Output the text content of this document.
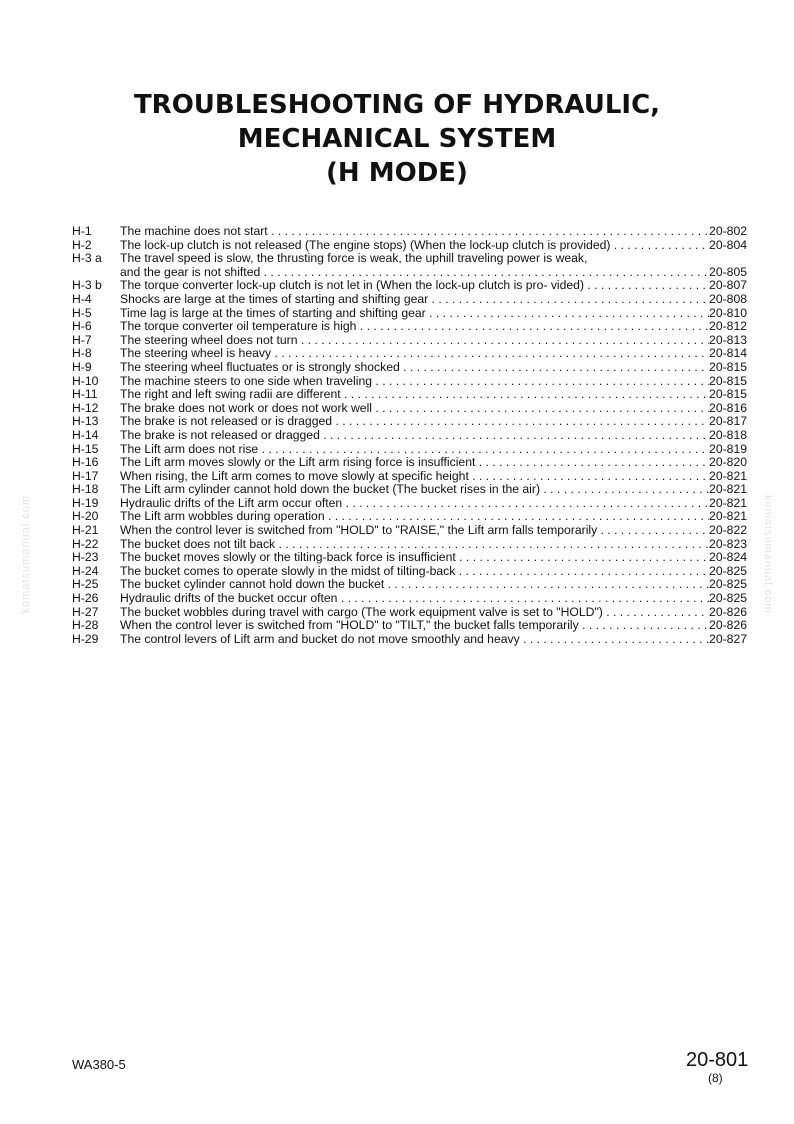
TROUBLESHOOTING OF HYDRAULIC,
MECHANICAL SYSTEM
(H MODE)
H-1	The machine does not start . . .	20-802
H-2	The lock-up clutch is not released (The engine stops) (When the lock-up clutch is provided) . . .	20-804
H-3 a	The travel speed is slow, the thrusting force is weak, the uphill traveling power is weak,
and the gear is not shifted . . .	20-805
H-3 b	The torque converter lock-up clutch is not let in (When the lock-up clutch is pro- vided) . . .	20-807
H-4	Shocks are large at the times of starting and shifting gear . . .	20-808
H-5	Time lag is large at the times of starting and shifting gear . . .	20-810
H-6	The torque converter oil temperature is high . . .	20-812
H-7	The steering wheel does not turn . . .	20-813
H-8	The steering wheel is heavy . . .	20-814
H-9	The steering wheel fluctuates or is strongly shocked . . .	20-815
H-10	The machine steers to one side when traveling . . .	20-815
H-11	The right and left swing radii are different . . .	20-815
H-12	The brake does not work or does not work well . . .	20-816
H-13	The brake is not released or is dragged . . .	20-817
H-14	The brake is not released or dragged . . .	20-818
H-15	The Lift arm does not rise . . .	20-819
H-16	The Lift arm moves slowly or the Lift arm rising force is insufficient . . .	20-820
H-17	When rising, the Lift arm comes to move slowly at specific height . . .	20-821
H-18	The Lift arm cylinder cannot hold down the bucket (The bucket rises in the air) . . .	20-821
H-19	Hydraulic drifts of the Lift arm occur often . . .	20-821
H-20	The Lift arm wobbles during operation . . .	20-821
H-21	When the control lever is switched from "HOLD" to "RAISE," the Lift arm falls temporarily . . .	20-822
H-22	The bucket does not tilt back . . .	20-823
H-23	The bucket moves slowly or the tilting-back force is insufficient . . .	20-824
H-24	The bucket comes to operate slowly in the midst of tilting-back . . .	20-825
H-25	The bucket cylinder cannot hold down the bucket . . .	20-825
H-26	Hydraulic drifts of the bucket occur often . . .	20-825
H-27	The bucket wobbles during travel with cargo (The work equipment valve is set to "HOLD") . . .	20-826
H-28	When the control lever is switched from "HOLD" to "TILT," the bucket falls temporarily . . .	20-826
H-29	The control levers of Lift arm and bucket do not move smoothly and heavy . . .	20-827
komatsumanual.com	komatsumanual.com
WA380-5	20-801
(8)
